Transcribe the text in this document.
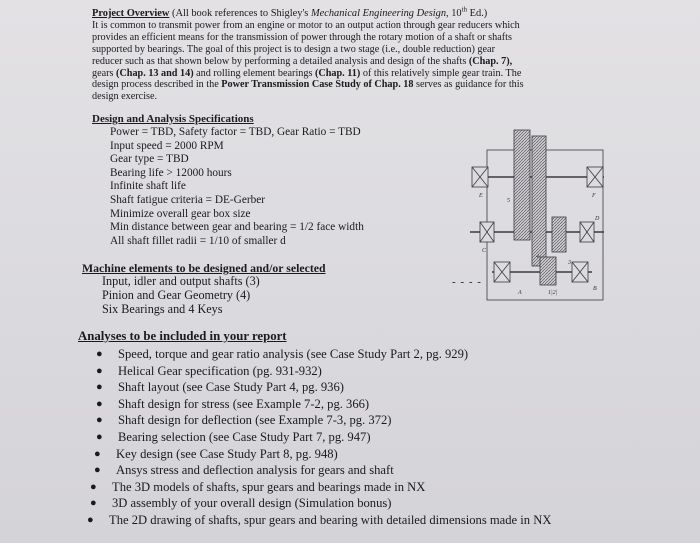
Project Overview (All book references to Shigley's Mechanical Engineering Design, 10th Ed.)
It is common to transmit power from an engine or motor to an output action through gear reducers which
provides an efficient means for the transmission of power through the rotary motion of a shaft or shafts
supported by bearings. The goal of this project is to design a two stage (i.e., double reduction) gear
reducer such as that shown below by performing a detailed analysis and design of the shafts (Chap. 7),
gears (Chap. 13 and 14) and rolling element bearings (Chap. 11) of this relatively simple gear train. The
design process described in the Power Transmission Case Study of Chap. 18 serves as guidance for this
design exercise.
Design and Analysis Specifications
Power = TBD, Safety factor = TBD, Gear Ratio = TBD
Input speed = 2000 RPM
Gear type = TBD
Bearing life > 12000 hours
Infinite shaft life
Shaft fatigue criteria = DE-Gerber
Minimize overall gear box size
Min distance between gear and bearing = 1/2 face width
All shaft fillet radii = 1/10 of smaller d
Machine elements to be designed and/or selected
Input, idler and output shafts (3)
Pinion and Gear Geometry (4)
Six Bearings and 4 Keys
E	F
5
C
D
4
3
A
B
1|2|
- - - -
Analyses to be included in your report
●	Speed, torque and gear ratio analysis (see Case Study Part 2, pg. 929)
●	Helical Gear specification (pg. 931-932)
●	Shaft layout (see Case Study Part 4, pg. 936)
●	Shaft design for stress (see Example 7-2, pg. 366)
●	Shaft design for deflection (see Example 7-3, pg. 372)
●	Bearing selection (see Case Study Part 7, pg. 947)
●	Key design (see Case Study Part 8, pg. 948)
●	Ansys stress and deflection analysis for gears and shaft
●	The 3D models of shafts, spur gears and bearings made in NX
●	3D assembly of your overall design (Simulation bonus)
●	The 2D drawing of shafts, spur gears and bearing with detailed dimensions made in NX
